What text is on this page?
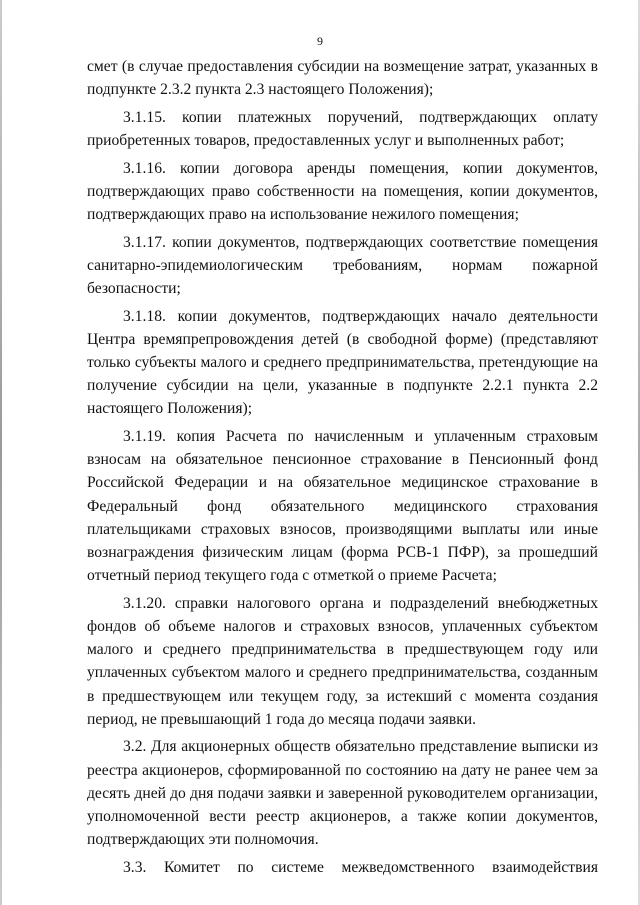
9

смет (в случае предоставления субсидии на возмещение затрат, указанных в подпункте 2.3.2 пункта 2.3 настоящего Положения);

3.1.15. копии платежных поручений, подтверждающих оплату приобретенных товаров, предоставленных услуг и выполненных работ;

3.1.16. копии договора аренды помещения, копии документов, подтверждающих право собственности на помещения, копии документов, подтверждающих право на использование нежилого помещения;

3.1.17. копии документов, подтверждающих соответствие помещения санитарно-эпидемиологическим требованиям, нормам пожарной безопасности;

3.1.18. копии документов, подтверждающих начало деятельности Центра времяпрепровождения детей (в свободной форме) (представляют только субъекты малого и среднего предпринимательства, претендующие на получение субсидии на цели, указанные в подпункте 2.2.1 пункта 2.2 настоящего Положения);

3.1.19. копия Расчета по начисленным и уплаченным страховым взносам на обязательное пенсионное страхование в Пенсионный фонд Российской Федерации и на обязательное медицинское страхование в Федеральный фонд обязательного медицинского страхования плательщиками страховых взносов, производящими выплаты или иные вознаграждения физическим лицам (форма РСВ-1 ПФР), за прошедший отчетный период текущего года с отметкой о приеме Расчета;

3.1.20. справки налогового органа и подразделений внебюджетных фондов об объеме налогов и страховых взносов, уплаченных субъектом малого и среднего предпринимательства в предшествующем году или уплаченных субъектом малого и среднего предпринимательства, созданным в предшествующем или текущем году, за истекший с момента создания период, не превышающий 1 года до месяца подачи заявки.

3.2. Для акционерных обществ обязательно представление выписки из реестра акционеров, сформированной по состоянию на дату не ранее чем за десять дней до дня подачи заявки и заверенной руководителем организации, уполномоченной вести реестр акционеров, а также копии документов, подтверждающих эти полномочия.

3.3. Комитет по системе межведомственного взаимодействия
